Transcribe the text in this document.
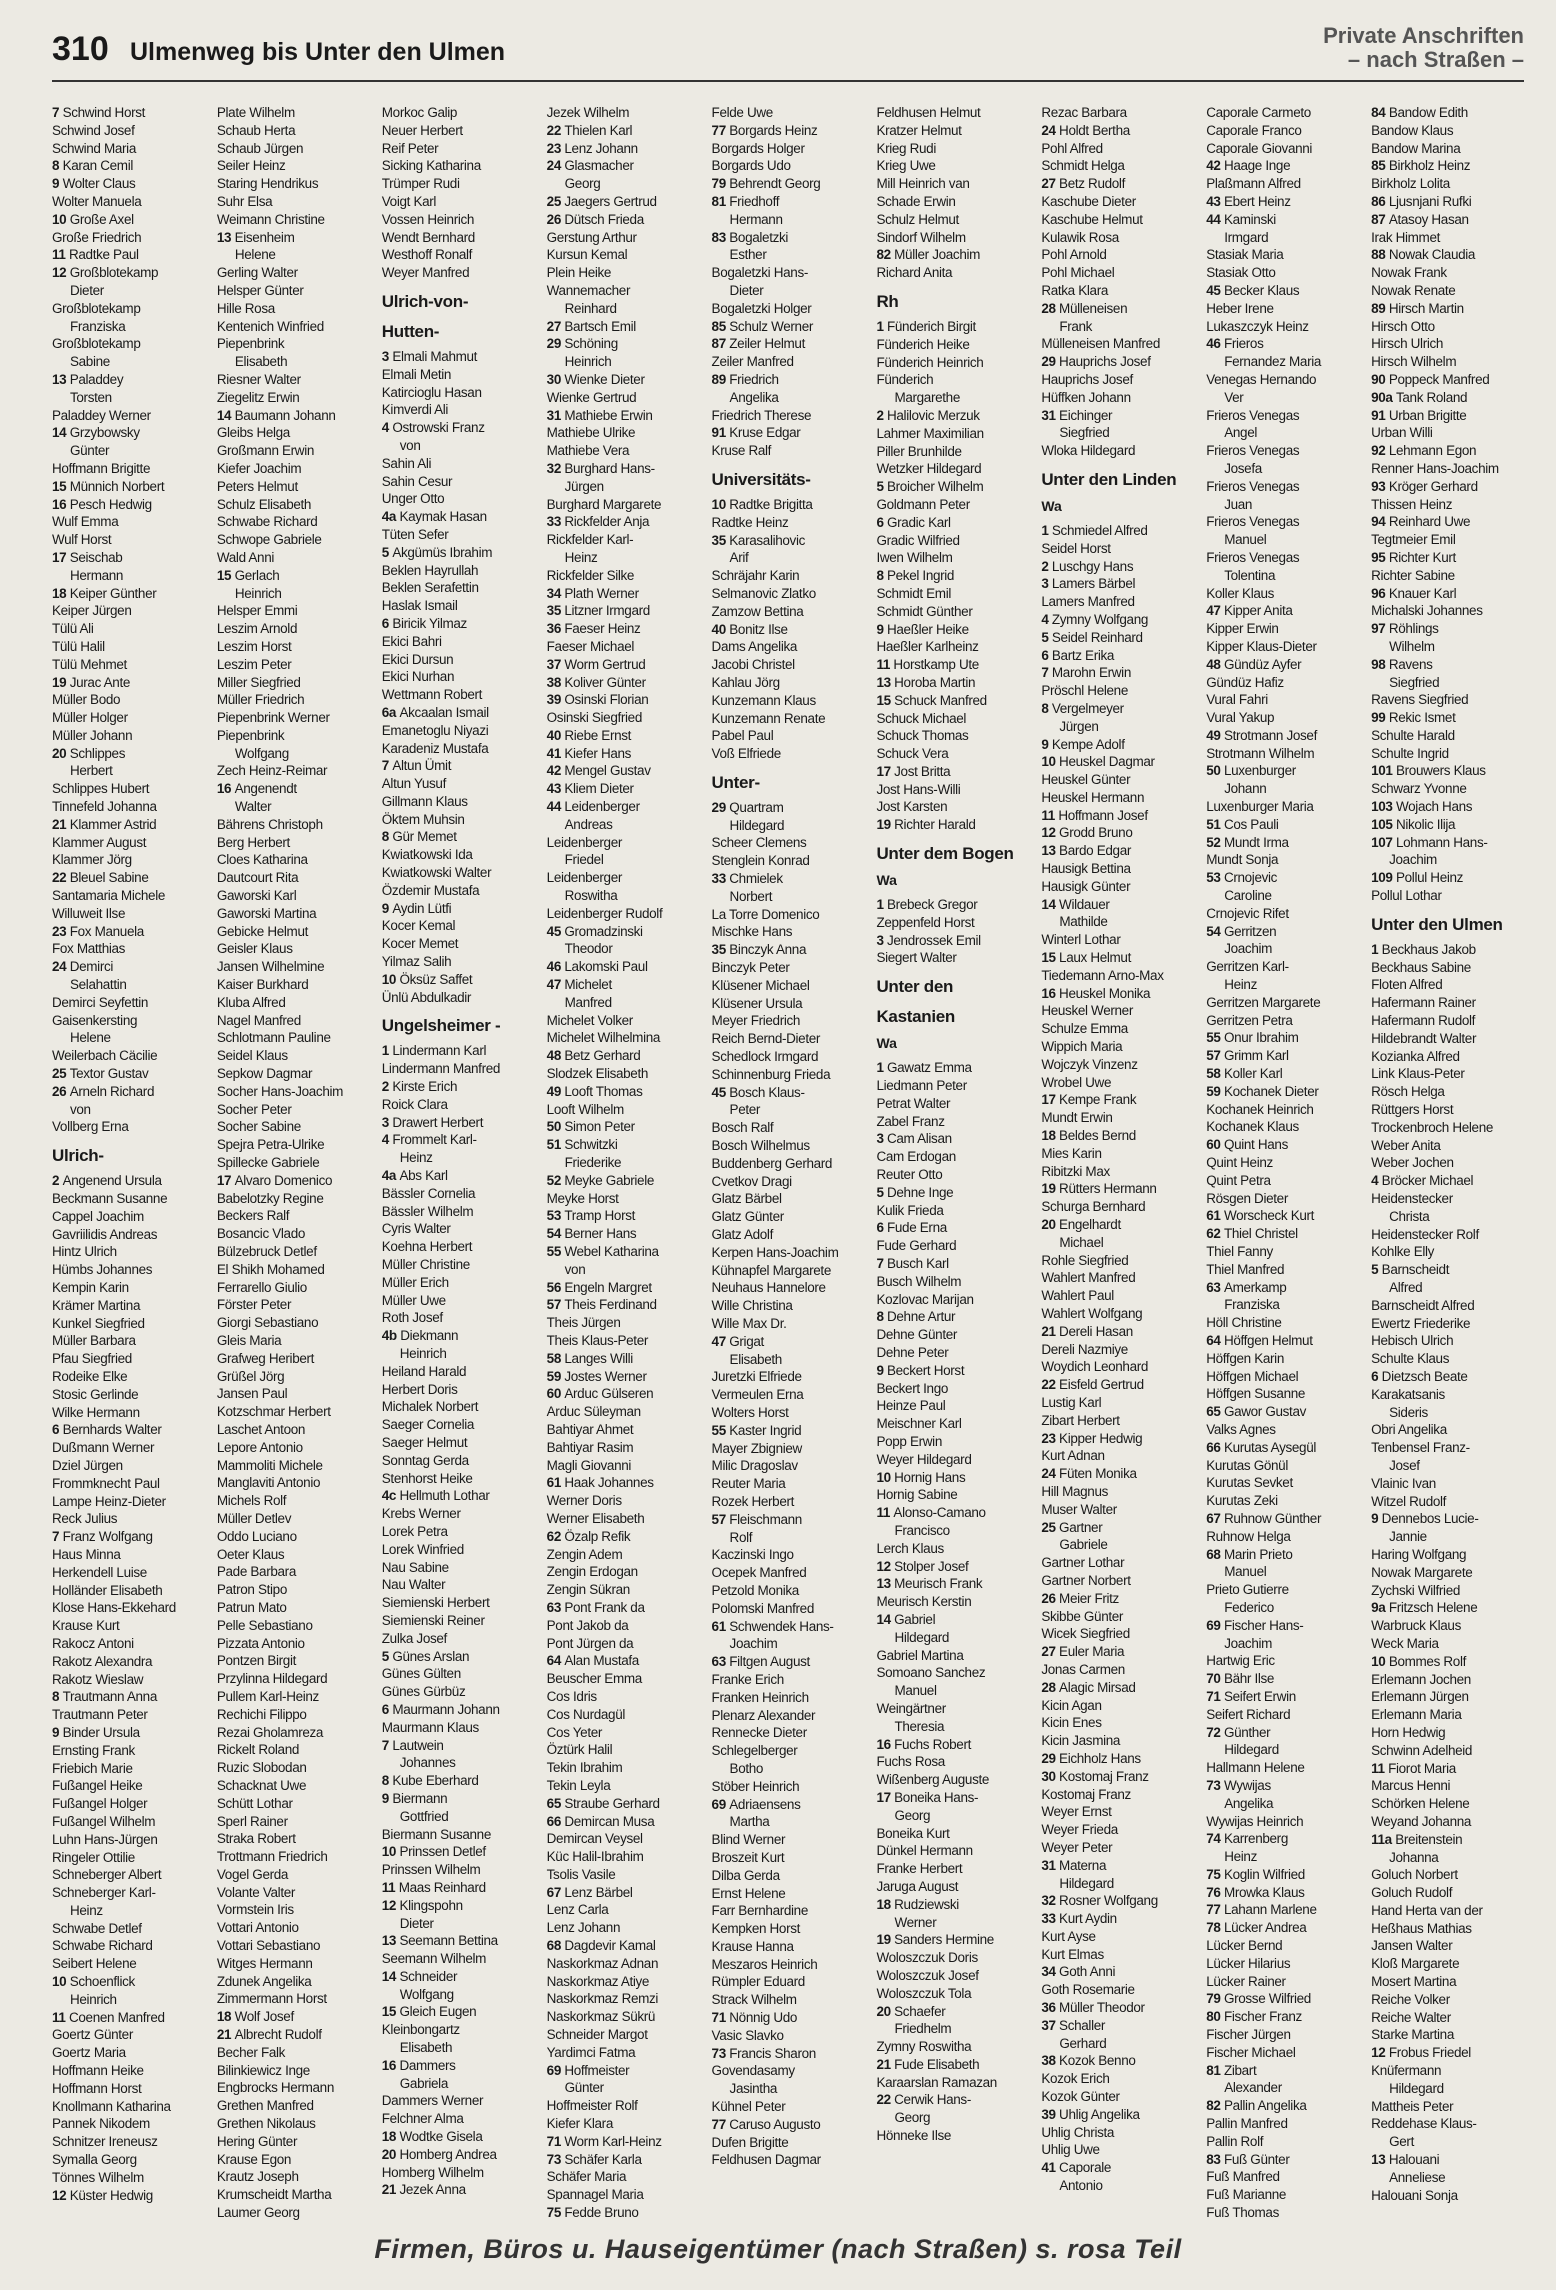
310 Ulmenweg bis Unter den Ulmen
Private Anschriften
– nach Straßen –
7 Schwind Horst
Schwind Josef
Schwind Maria
8 Karan Cemil
9 Wolter Claus
Wolter Manuela
10 Große Axel
Große Friedrich
11 Radtke Paul
12 Großblotekamp
Dieter
Großblotekamp
Franziska
Großblotekamp
Sabine
13 Paladdey
Torsten
Paladdey Werner
14 Grzybowsky
Günter
Hoffmann Brigitte
15 Münnich Norbert
16 Pesch Hedwig
Wulf Emma
Wulf Horst
17 Seischab
Hermann
18 Keiper Günther
Keiper Jürgen
Tülü Ali
Tülü Halil
Tülü Mehmet
19 Jurac Ante
Müller Bodo
Müller Holger
Müller Johann
20 Schlippes
Herbert
Schlippes Hubert
Tinnefeld Johanna
21 Klammer Astrid
Klammer August
Klammer Jörg
22 Bleuel Sabine
Santamaria Michele
Willuweit Ilse
23 Fox Manuela
Fox Matthias
24 Demirci
Selahattin
Demirci Seyfettin
Gaisenkersting
Helene
Weilerbach Cäcilie
25 Textor Gustav
26 Arneln Richard
von
Vollberg Erna
Ulrich-
2 Angenend Ursula
Beckmann Susanne
Cappel Joachim
Gavriilidis Andreas
Hintz Ulrich
Hümbs Johannes
Kempin Karin
Krämer Martina
Kunkel Siegfried
Müller Barbara
Pfau Siegfried
Rodeike Elke
Stosic Gerlinde
Wilke Hermann
6 Bernhards Walter
Dußmann Werner
Dziel Jürgen
Frommknecht Paul
Lampe Heinz-Dieter
Reck Julius
7 Franz Wolfgang
Haus Minna
Herkendell Luise
Holländer Elisabeth
Klose Hans-Ekkehard
Krause Kurt
Rakocz Antoni
Rakotz Alexandra
Rakotz Wieslaw
8 Trautmann Anna
Trautmann Peter
9 Binder Ursula
Ernsting Frank
Friebich Marie
Fußangel Heike
Fußangel Holger
Fußangel Wilhelm
Luhn Hans-Jürgen
Ringeler Ottilie
Schneberger Albert
Schneberger Karl-
Heinz
Schwabe Detlef
Schwabe Richard
Seibert Helene
10 Schoenflick
Heinrich
11 Coenen Manfred
Goertz Günter
Goertz Maria
Hoffmann Heike
Hoffmann Horst
Knollmann Katharina
Pannek Nikodem
Schnitzer Ireneusz
Symalla Georg
Tönnes Wilhelm
12 Küster Hedwig
Plate Wilhelm
Schaub Herta
Schaub Jürgen
Seiler Heinz
Staring Hendrikus
Suhr Elsa
Weimann Christine
13 Eisenheim
Helene
Gerling Walter
Helsper Günter
Hille Rosa
Kentenich Winfried
Piepenbrink
Elisabeth
Riesner Walter
Ziegelitz Erwin
14 Baumann Johann
Gleibs Helga
Großmann Erwin
Kiefer Joachim
Peters Helmut
Schulz Elisabeth
Schwabe Richard
Schwope Gabriele
Wald Anni
15 Gerlach
Heinrich
Helsper Emmi
Leszim Arnold
Leszim Horst
Leszim Peter
Miller Siegfried
Müller Friedrich
Piepenbrink Werner
Piepenbrink
Wolfgang
Zech Heinz-Reimar
16 Angenendt
Walter
Bährens Christoph
Berg Herbert
Cloes Katharina
Dautcourt Rita
Gaworski Karl
Gaworski Martina
Gebicke Helmut
Geisler Klaus
Jansen Wilhelmine
Kaiser Burkhard
Kluba Alfred
Nagel Manfred
Schlotmann Pauline
Seidel Klaus
Sepkow Dagmar
Socher Hans-Joachim
Socher Peter
Socher Sabine
Spejra Petra-Ulrike
Spillecke Gabriele
17 Alvaro Domenico
Babelotzky Regine
Beckers Ralf
Bosancic Vlado
Bülzebruck Detlef
El Shikh Mohamed
Ferrarello Giulio
Förster Peter
Giorgi Sebastiano
Gleis Maria
Grafweg Heribert
Grüßel Jörg
Jansen Paul
Kotzschmar Herbert
Laschet Antoon
Lepore Antonio
Mammoliti Michele
Manglaviti Antonio
Michels Rolf
Müller Detlev
Oddo Luciano
Oeter Klaus
Pade Barbara
Patron Stipo
Patrun Mato
Pelle Sebastiano
Pizzata Antonio
Pontzen Birgit
Przylinna Hildegard
Pullem Karl-Heinz
Rechichi Filippo
Rezai Gholamreza
Rickelt Roland
Ruzic Slobodan
Schacknat Uwe
Schütt Lothar
Sperl Rainer
Straka Robert
Trottmann Friedrich
Vogel Gerda
Volante Valter
Vormstein Iris
Vottari Antonio
Vottari Sebastiano
Witges Hermann
Zdunek Angelika
Zimmermann Horst
18 Wolf Josef
21 Albrecht Rudolf
Becher Falk
Bilinkiewicz Inge
Engbrocks Hermann
Grethen Manfred
Grethen Nikolaus
Hering Günter
Krause Egon
Krautz Joseph
Krumscheidt Martha
Laumer Georg
Morkoc Galip
Neuer Herbert
Reif Peter
Sicking Katharina
Trümper Rudi
Voigt Karl
Vossen Heinrich
Wendt Bernhard
Westhoff Ronalf
Weyer Manfred
Ulrich-von-
Hutten-
3 Elmali Mahmut
Elmali Metin
Katircioglu Hasan
Kimverdi Ali
4 Ostrowski Franz
von
Sahin Ali
Sahin Cesur
Unger Otto
4a Kaymak Hasan
Tüten Sefer
5 Akgümüs Ibrahim
Beklen Hayrullah
Beklen Serafettin
Haslak Ismail
6 Biricik Yilmaz
Ekici Bahri
Ekici Dursun
Ekici Nurhan
Wettmann Robert
6a Akcaalan Ismail
Emanetoglu Niyazi
Karadeniz Mustafa
7 Altun Ümit
Altun Yusuf
Gillmann Klaus
Öktem Muhsin
8 Gür Memet
Kwiatkowski Ida
Kwiatkowski Walter
Özdemir Mustafa
9 Aydin Lütfi
Kocer Kemal
Kocer Memet
Yilmaz Salih
10 Öksüz Saffet
Ünlü Abdulkadir
Ungelsheimer -
1 Lindermann Karl
Lindermann Manfred
2 Kirste Erich
Roick Clara
3 Drawert Herbert
4 Frommelt Karl-
Heinz
4a Abs Karl
Bässler Cornelia
Bässler Wilhelm
Cyris Walter
Koehna Herbert
Müller Christine
Müller Erich
Müller Uwe
Roth Josef
4b Diekmann
Heinrich
Heiland Harald
Herbert Doris
Michalek Norbert
Saeger Cornelia
Saeger Helmut
Sonntag Gerda
Stenhorst Heike
4c Hellmuth Lothar
Krebs Werner
Lorek Petra
Lorek Winfried
Nau Sabine
Nau Walter
Siemienski Herbert
Siemienski Reiner
Zulka Josef
5 Günes Arslan
Günes Gülten
Günes Gürbüz
6 Maurmann Johann
Maurmann Klaus
7 Lautwein
Johannes
8 Kube Eberhard
9 Biermann
Gottfried
Biermann Susanne
10 Prinssen Detlef
Prinssen Wilhelm
11 Maas Reinhard
12 Klingspohn
Dieter
13 Seemann Bettina
Seemann Wilhelm
14 Schneider
Wolfgang
15 Gleich Eugen
Kleinbongartz
Elisabeth
16 Dammers
Gabriela
Dammers Werner
Felchner Alma
18 Wodtke Gisela
20 Homberg Andrea
Homberg Wilhelm
21 Jezek Anna
Jezek Wilhelm
22 Thielen Karl
23 Lenz Johann
24 Glasmacher
Georg
25 Jaegers Gertrud
26 Dütsch Frieda
Gerstung Arthur
Kursun Kemal
Plein Heike
Wannemacher
Reinhard
27 Bartsch Emil
29 Schöning
Heinrich
30 Wienke Dieter
Wienke Gertrud
31 Mathiebe Erwin
Mathiebe Ulrike
Mathiebe Vera
32 Burghard Hans-
Jürgen
Burghard Margarete
33 Rickfelder Anja
Rickfelder Karl-
Heinz
Rickfelder Silke
34 Plath Werner
35 Litzner Irmgard
36 Faeser Heinz
Faeser Michael
37 Worm Gertrud
38 Koliver Günter
39 Osinski Florian
Osinski Siegfried
40 Riebe Ernst
41 Kiefer Hans
42 Mengel Gustav
43 Kliem Dieter
44 Leidenberger
Andreas
Leidenberger
Friedel
Leidenberger
Roswitha
Leidenberger Rudolf
45 Gromadzinski
Theodor
46 Lakomski Paul
47 Michelet
Manfred
Michelet Volker
Michelet Wilhelmina
48 Betz Gerhard
Slodzek Elisabeth
49 Looft Thomas
Looft Wilhelm
50 Simon Peter
51 Schwitzki
Friederike
52 Meyke Gabriele
Meyke Horst
53 Tramp Horst
54 Berner Hans
55 Webel Katharina
von
56 Engeln Margret
57 Theis Ferdinand
Theis Jürgen
Theis Klaus-Peter
58 Langes Willi
59 Jostes Werner
60 Arduc Gülseren
Arduc Süleyman
Bahtiyar Ahmet
Bahtiyar Rasim
Magli Giovanni
61 Haak Johannes
Werner Doris
Werner Elisabeth
62 Özalp Refik
Zengin Adem
Zengin Erdogan
Zengin Sükran
63 Pont Frank da
Pont Jakob da
Pont Jürgen da
64 Alan Mustafa
Beuscher Emma
Cos Idris
Cos Nurdagül
Cos Yeter
Öztürk Halil
Tekin Ibrahim
Tekin Leyla
65 Straube Gerhard
66 Demircan Musa
Demircan Veysel
Küc Halil-Ibrahim
Tsolis Vasile
67 Lenz Bärbel
Lenz Carla
Lenz Johann
68 Dagdevir Kamal
Naskorkmaz Adnan
Naskorkmaz Atiye
Naskorkmaz Remzi
Naskorkmaz Sükrü
Schneider Margot
Yardimci Fatma
69 Hoffmeister
Günter
Hoffmeister Rolf
Kiefer Klara
71 Worm Karl-Heinz
73 Schäfer Karla
Schäfer Maria
Spannagel Maria
75 Fedde Bruno
Felde Uwe
77 Borgards Heinz
Borgards Holger
Borgards Udo
79 Behrendt Georg
81 Friedhoff
Hermann
83 Bogaletzki
Esther
Bogaletzki Hans-
Dieter
Bogaletzki Holger
85 Schulz Werner
87 Zeiler Helmut
Zeiler Manfred
89 Friedrich
Angelika
Friedrich Therese
91 Kruse Edgar
Kruse Ralf
Universitäts-
10 Radtke Brigitta
Radtke Heinz
35 Karasalihovic
Arif
Schräjahr Karin
Selmanovic Zlatko
Zamzow Bettina
40 Bonitz Ilse
Dams Angelika
Jacobi Christel
Kahlau Jörg
Kunzemann Klaus
Kunzemann Renate
Pabel Paul
Voß Elfriede
Unter-
29 Quartram
Hildegard
Scheer Clemens
Stenglein Konrad
33 Chmielek
Norbert
La Torre Domenico
Mischke Hans
35 Binczyk Anna
Binczyk Peter
Klüsener Michael
Klüsener Ursula
Meyer Friedrich
Reich Bernd-Dieter
Schedlock Irmgard
Schinnenburg Frieda
45 Bosch Klaus-
Peter
Bosch Ralf
Bosch Wilhelmus
Buddenberg Gerhard
Cvetkov Dragi
Glatz Bärbel
Glatz Günter
Glatz Adolf
Kerpen Hans-Joachim
Kühnapfel Margarete
Neuhaus Hannelore
Wille Christina
Wille Max Dr.
47 Grigat
Elisabeth
Juretzki Elfriede
Vermeulen Erna
Wolters Horst
55 Kaster Ingrid
Mayer Zbigniew
Milic Dragoslav
Reuter Maria
Rozek Herbert
57 Fleischmann
Rolf
Kaczinski Ingo
Ocepek Manfred
Petzold Monika
Polomski Manfred
61 Schwendek Hans-
Joachim
63 Filtgen August
Franke Erich
Franken Heinrich
Plenarz Alexander
Rennecke Dieter
Schlegelberger
Botho
Stöber Heinrich
69 Adriaensens
Martha
Blind Werner
Broszeit Kurt
Dilba Gerda
Ernst Helene
Farr Bernhardine
Kempken Horst
Krause Hanna
Meszaros Heinrich
Rümpler Eduard
Strack Wilhelm
71 Nönnig Udo
Vasic Slavko
73 Francis Sharon
Govendasamy
Jasintha
Kühnel Peter
77 Caruso Augusto
Dufen Brigitte
Feldhusen Dagmar
Feldhusen Helmut
Kratzer Helmut
Krieg Rudi
Krieg Uwe
Mill Heinrich van
Schade Erwin
Schulz Helmut
Sindorf Wilhelm
82 Müller Joachim
Richard Anita
Rh
1 Fünderich Birgit
Fünderich Heike
Fünderich Heinrich
Fünderich
Margarethe
2 Halilovic Merzuk
Lahmer Maximilian
Piller Brunhilde
Wetzker Hildegard
5 Broicher Wilhelm
Goldmann Peter
6 Gradic Karl
Gradic Wilfried
Iwen Wilhelm
8 Pekel Ingrid
Schmidt Emil
Schmidt Günther
9 Haeßler Heike
Haeßler Karlheinz
11 Horstkamp Ute
13 Horoba Martin
15 Schuck Manfred
Schuck Michael
Schuck Thomas
Schuck Vera
17 Jost Britta
Jost Hans-Willi
Jost Karsten
19 Richter Harald
Unter dem Bogen
Wa
1 Brebeck Gregor
Zeppenfeld Horst
3 Jendrossek Emil
Siegert Walter
Unter den
Kastanien
Wa
1 Gawatz Emma
Liedmann Peter
Petrat Walter
Zabel Franz
3 Cam Alisan
Cam Erdogan
Reuter Otto
5 Dehne Inge
Kulik Frieda
6 Fude Erna
Fude Gerhard
7 Busch Karl
Busch Wilhelm
Kozlovac Marijan
8 Dehne Artur
Dehne Günter
Dehne Peter
9 Beckert Horst
Beckert Ingo
Heinze Paul
Meischner Karl
Popp Erwin
Weyer Hildegard
10 Hornig Hans
Hornig Sabine
11 Alonso-Camano
Francisco
Lerch Klaus
12 Stolper Josef
13 Meurisch Frank
Meurisch Kerstin
14 Gabriel
Hildegard
Gabriel Martina
Somoano Sanchez
Manuel
Weingärtner
Theresia
16 Fuchs Robert
Fuchs Rosa
Wißenberg Auguste
17 Boneika Hans-
Georg
Boneika Kurt
Dünkel Hermann
Franke Herbert
Jaruga August
18 Rudziewski
Werner
19 Sanders Hermine
Woloszczuk Doris
Woloszczuk Josef
Woloszczuk Tola
20 Schaefer
Friedhelm
Zymny Roswitha
21 Fude Elisabeth
Karaarslan Ramazan
22 Cerwik Hans-
Georg
Hönneke Ilse
Rezac Barbara
24 Holdt Bertha
Pohl Alfred
Schmidt Helga
27 Betz Rudolf
Kaschube Dieter
Kaschube Helmut
Kulawik Rosa
Pohl Arnold
Pohl Michael
Ratka Klara
28 Mülleneisen
Frank
Mülleneisen Manfred
29 Hauprichs Josef
Hauprichs Josef
Hüffken Johann
31 Eichinger
Siegfried
Wloka Hildegard
Unter den Linden
Wa
1 Schmiedel Alfred
Seidel Horst
2 Luschgy Hans
3 Lamers Bärbel
Lamers Manfred
4 Zymny Wolfgang
5 Seidel Reinhard
6 Bartz Erika
7 Marohn Erwin
Pröschl Helene
8 Vergelmeyer
Jürgen
9 Kempe Adolf
10 Heuskel Dagmar
Heuskel Günter
Heuskel Hermann
11 Hoffmann Josef
12 Grodd Bruno
13 Bardo Edgar
Hausigk Bettina
Hausigk Günter
14 Wildauer
Mathilde
Winterl Lothar
15 Laux Helmut
Tiedemann Arno-Max
16 Heuskel Monika
Heuskel Werner
Schulze Emma
Wippich Maria
Wojczyk Vinzenz
Wrobel Uwe
17 Kempe Frank
Mundt Erwin
18 Beldes Bernd
Mies Karin
Ribitzki Max
19 Rütters Hermann
Schurga Bernhard
20 Engelhardt
Michael
Rohle Siegfried
Wahlert Manfred
Wahlert Paul
Wahlert Wolfgang
21 Dereli Hasan
Dereli Nazmiye
Woydich Leonhard
22 Eisfeld Gertrud
Lustig Karl
Zibart Herbert
23 Kipper Hedwig
Kurt Adnan
24 Füten Monika
Hill Magnus
Muser Walter
25 Gartner
Gabriele
Gartner Lothar
Gartner Norbert
26 Meier Fritz
Skibbe Günter
Wicek Siegfried
27 Euler Maria
Jonas Carmen
28 Alagic Mirsad
Kicin Agan
Kicin Enes
Kicin Jasmina
29 Eichholz Hans
30 Kostomaj Franz
Kostomaj Franz
Weyer Ernst
Weyer Frieda
Weyer Peter
31 Materna
Hildegard
32 Rosner Wolfgang
33 Kurt Aydin
Kurt Ayse
Kurt Elmas
34 Goth Anni
Goth Rosemarie
36 Müller Theodor
37 Schaller
Gerhard
38 Kozok Benno
Kozok Erich
Kozok Günter
39 Uhlig Angelika
Uhlig Christa
Uhlig Uwe
41 Caporale
Antonio
Caporale Carmeto
Caporale Franco
Caporale Giovanni
42 Haage Inge
Plaßmann Alfred
43 Ebert Heinz
44 Kaminski
Irmgard
Stasiak Maria
Stasiak Otto
45 Becker Klaus
Heber Irene
Lukaszczyk Heinz
46 Frieros
Fernandez Maria
Venegas Hernando
Ver
Frieros Venegas
Angel
Frieros Venegas
Josefa
Frieros Venegas
Juan
Frieros Venegas
Manuel
Frieros Venegas
Tolentina
Koller Klaus
47 Kipper Anita
Kipper Erwin
Kipper Klaus-Dieter
48 Gündüz Ayfer
Gündüz Hafiz
Vural Fahri
Vural Yakup
49 Strotmann Josef
Strotmann Wilhelm
50 Luxenburger
Johann
Luxenburger Maria
51 Cos Pauli
52 Mundt Irma
Mundt Sonja
53 Crnojevic
Caroline
Crnojevic Rifet
54 Gerritzen
Joachim
Gerritzen Karl-
Heinz
Gerritzen Margarete
Gerritzen Petra
55 Onur Ibrahim
57 Grimm Karl
58 Koller Karl
59 Kochanek Dieter
Kochanek Heinrich
Kochanek Klaus
60 Quint Hans
Quint Heinz
Quint Petra
Rösgen Dieter
61 Worscheck Kurt
62 Thiel Christel
Thiel Fanny
Thiel Manfred
63 Amerkamp
Franziska
Höll Christine
64 Höffgen Helmut
Höffgen Karin
Höffgen Michael
Höffgen Susanne
65 Gawor Gustav
Valks Agnes
66 Kurutas Aysegül
Kurutas Gönül
Kurutas Sevket
Kurutas Zeki
67 Ruhnow Günther
Ruhnow Helga
68 Marin Prieto
Manuel
Prieto Gutierre
Federico
69 Fischer Hans-
Joachim
Hartwig Eric
70 Bähr Ilse
71 Seifert Erwin
Seifert Richard
72 Günther
Hildegard
Hallmann Helene
73 Wywijas
Angelika
Wywijas Heinrich
74 Karrenberg
Heinz
75 Koglin Wilfried
76 Mrowka Klaus
77 Lahann Marlene
78 Lücker Andrea
Lücker Bernd
Lücker Hilarius
Lücker Rainer
79 Grosse Wilfried
80 Fischer Franz
Fischer Jürgen
Fischer Michael
81 Zibart
Alexander
82 Pallin Angelika
Pallin Manfred
Pallin Rolf
83 Fuß Günter
Fuß Manfred
Fuß Marianne
Fuß Thomas
84 Bandow Edith
Bandow Klaus
Bandow Marina
85 Birkholz Heinz
Birkholz Lolita
86 Ljusnjani Rufki
87 Atasoy Hasan
Irak Himmet
88 Nowak Claudia
Nowak Frank
Nowak Renate
89 Hirsch Martin
Hirsch Otto
Hirsch Ulrich
Hirsch Wilhelm
90 Poppeck Manfred
90a Tank Roland
91 Urban Brigitte
Urban Willi
92 Lehmann Egon
Renner Hans-Joachim
93 Kröger Gerhard
Thissen Heinz
94 Reinhard Uwe
Tegtmeier Emil
95 Richter Kurt
Richter Sabine
96 Knauer Karl
Michalski Johannes
97 Röhlings
Wilhelm
98 Ravens
Siegfried
Ravens Siegfried
99 Rekic Ismet
Schulte Harald
Schulte Ingrid
101 Brouwers Klaus
Schwarz Yvonne
103 Wojach Hans
105 Nikolic Ilija
107 Lohmann Hans-
Joachim
109 Pollul Heinz
Pollul Lothar
Unter den Ulmen
1 Beckhaus Jakob
Beckhaus Sabine
Floten Alfred
Hafermann Rainer
Hafermann Rudolf
Hildebrandt Walter
Kozianka Alfred
Link Klaus-Peter
Rösch Helga
Rüttgers Horst
Trockenbroch Helene
Weber Anita
Weber Jochen
4 Bröcker Michael
Heidenstecker
Christa
Heidenstecker Rolf
Kohlke Elly
5 Barnscheidt
Alfred
Barnscheidt Alfred
Ewertz Friederike
Hebisch Ulrich
Schulte Klaus
6 Dietzsch Beate
Karakatsanis
Sideris
Obri Angelika
Tenbensel Franz-
Josef
Vlainic Ivan
Witzel Rudolf
9 Dennebos Lucie-
Jannie
Haring Wolfgang
Nowak Margarete
Zychski Wilfried
9a Fritzsch Helene
Warbruck Klaus
Weck Maria
10 Bommes Rolf
Erlemann Jochen
Erlemann Jürgen
Erlemann Maria
Horn Hedwig
Schwinn Adelheid
11 Fiorot Maria
Marcus Henni
Schörken Helene
Weyand Johanna
11a Breitenstein
Johanna
Goluch Norbert
Goluch Rudolf
Hand Herta van der
Heßhaus Mathias
Jansen Walter
Kloß Margarete
Mosert Martina
Reiche Volker
Reiche Walter
Starke Martina
12 Frobus Friedel
Knüfermann
Hildegard
Mattheis Peter
Reddehase Klaus-
Gert
13 Halouani
Anneliese
Halouani Sonja
Firmen, Büros u. Hauseigentümer (nach Straßen) s. rosa Teil
